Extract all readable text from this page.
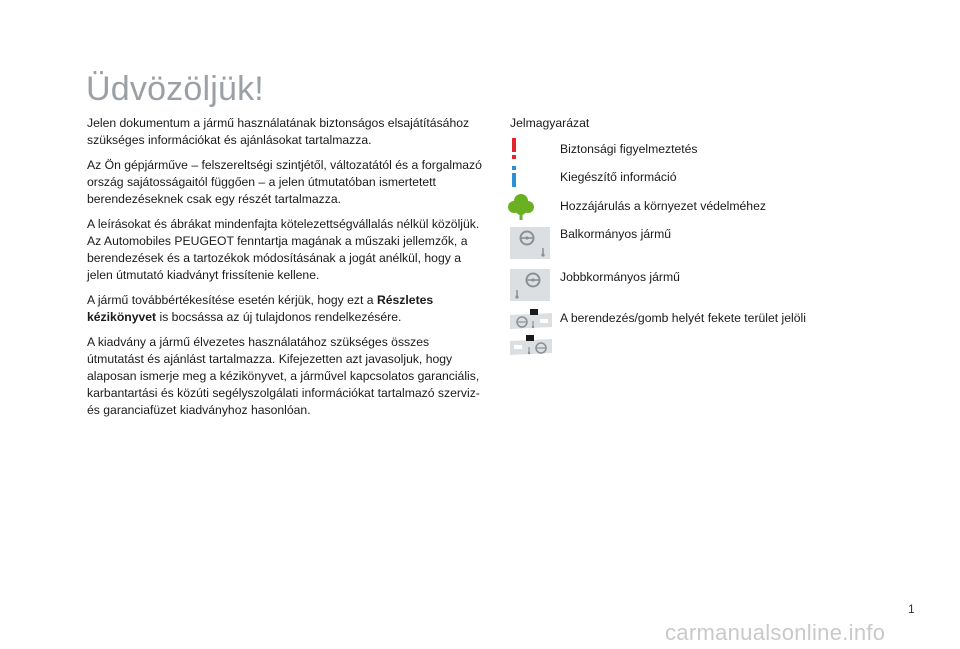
Üdvözöljük!

Jelen dokumentum a jármű használatának biztonságos elsajátításához szükséges információkat és ajánlásokat tartalmazza.

Az Ön gépjárműve – felszereltségi szintjétől, változatától és a forgalmazó ország sajátosságaitól függően – a jelen útmutatóban ismertetett berendezéseknek csak egy részét tartalmazza.

A leírásokat és ábrákat mindenfajta kötelezettségvállalás nélkül közöljük. Az Automobiles PEUGEOT fenntartja magának a műszaki jellemzők, a berendezések és a tartozékok módosításának a jogát anélkül, hogy a jelen útmutató kiadványt frissítenie kellene.

A jármű továbbértékesítése esetén kérjük, hogy ezt a Részletes kézikönyvet is bocsássa az új tulajdonos rendelkezésére.

A kiadvány a jármű élvezetes használatához szükséges összes útmutatást és ajánlást tartalmazza. Kifejezetten azt javasoljuk, hogy alaposan ismerje meg a kézikönyvet, a járművel kapcsolatos garanciális, karbantartási és közúti segélyszolgálati információkat tartalmazó szerviz- és garanciafüzet kiadványhoz hasonlóan.

Jelmagyarázat

Biztonsági figyelmeztetés
Kiegészítő információ
Hozzájárulás a környezet védelméhez
Balkormányos jármű
Jobbkormányos jármű
A berendezés/gomb helyét fekete terület jelöli
1
carmanualsonline.info
